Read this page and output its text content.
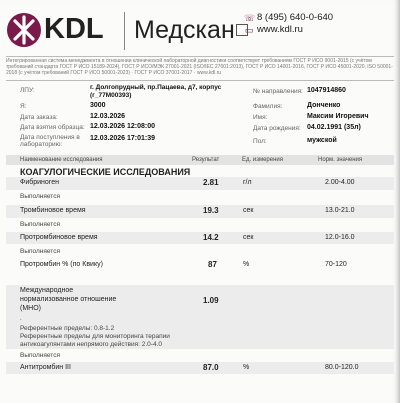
KDL Медскан ☏ 8 (495) 640-0-640
▭ www.kdl.ru
Интегрированная система менеджмента в отношении клинической лабораторной диагностики соответствует требованиям ГОСТ Р ИСО 9001-2015 (с учётом требований стандарта ГОСТ Р ИСО 15189-2024), ГОСТ Р ИСО/МЭК 27001-2021 (ISO/IEC 27001:2013), ГОСТ Р ИСО 14001-2016, ГОСТ Р ИСО 45001-2020, ISO 50001-2018 (с учётом требований ГОСТ Р ИСО 50001-2023) · ГОСТ Р ИСО 37001-2017 · www.kdl.ru
ЛПУ:	г. Долгопрудный, пр.Пацаева, д7, корпус (г_77М00393)
Я:	3000
Дата заказа:	12.03.2026
Дата взятия образца: 12.03.2026 12:08:00
Дата поступления в лабораторию:
12.03.2026 17:01:39
№ направления: 1047914860
Фамилия:	Донченко
Имя:	Максим Игоревич
Дата рождения: 04.02.1991 (35л)
Пол:	мужской
Наименование исследования	Результат	Ед. измерения	Норм. значения
КОАГУЛОГИЧЕСКИЕ ИССЛЕДОВАНИЯ
Фибриноген	2.81	г/л	2.00-4.00
Выполняется
Тромбиновое время	19.3	сек	13.0-21.0
Выполняется
Протромбиновое время	14.2	сек	12.0-16.0
Выполняется
Протромбин % (по Квику)	87	%	70-120
Международное
нормализованное отношение
(МНО)
1.09
.
Референтные пределы: 0.8-1.2
Референтные пределы для мониторинга терапии
антикоагулянтами непрямого действия: 2.0-4.0
Выполняется
Антитромбин III	87.0	%	80.0-120.0
